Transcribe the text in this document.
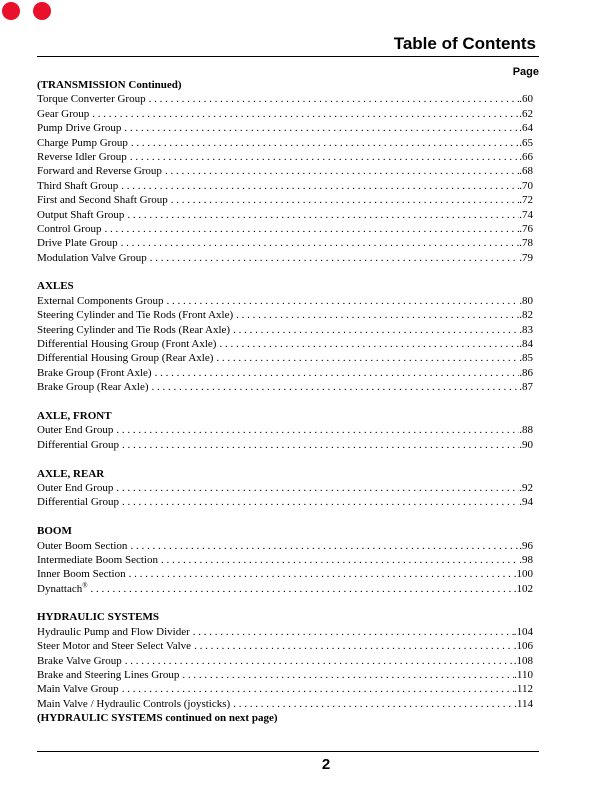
Table of Contents
Page
(TRANSMISSION Continued)
Torque Converter Group . . .	.60
Gear Group . . .	.62
Pump Drive Group . . .	.64
Charge Pump Group . . .	.65
Reverse Idler Group . . .	.66
Forward and Reverse Group . . .	.68
Third Shaft Group . . .	.70
First and Second Shaft Group . . .	.72
Output Shaft Group . . .	.74
Control Group . . .	.76
Drive Plate Group . . .	.78
Modulation Valve Group . . .	.79
AXLES
External Components Group . . .	.80
Steering Cylinder and Tie Rods (Front Axle) . . .	.82
Steering Cylinder and Tie Rods (Rear Axle) . . .	.83
Differential Housing Group (Front Axle) . . .	.84
Differential Housing Group (Rear Axle) . . .	.85
Brake Group (Front Axle) . . .	.86
Brake Group (Rear Axle) . . .	.87
AXLE, FRONT
Outer End Group . . .	.88
Differential Group . . .	.90
AXLE, REAR
Outer End Group . . .	.92
Differential Group . . .	.94
BOOM
Outer Boom Section . . .	.96
Intermediate Boom Section . . .	.98
Inner Boom Section . . .	.100
Dynattach® . . .	.102
HYDRAULIC SYSTEMS
Hydraulic Pump and Flow Divider . . .	.104
Steer Motor and Steer Select Valve . . .	.106
Brake Valve Group . . .	.108
Brake and Steering Lines Group . . .	.110
Main Valve Group . . .	.112
Main Valve / Hydraulic Controls (joysticks) . . .	.114
(HYDRAULIC SYSTEMS continued on next page)
2
